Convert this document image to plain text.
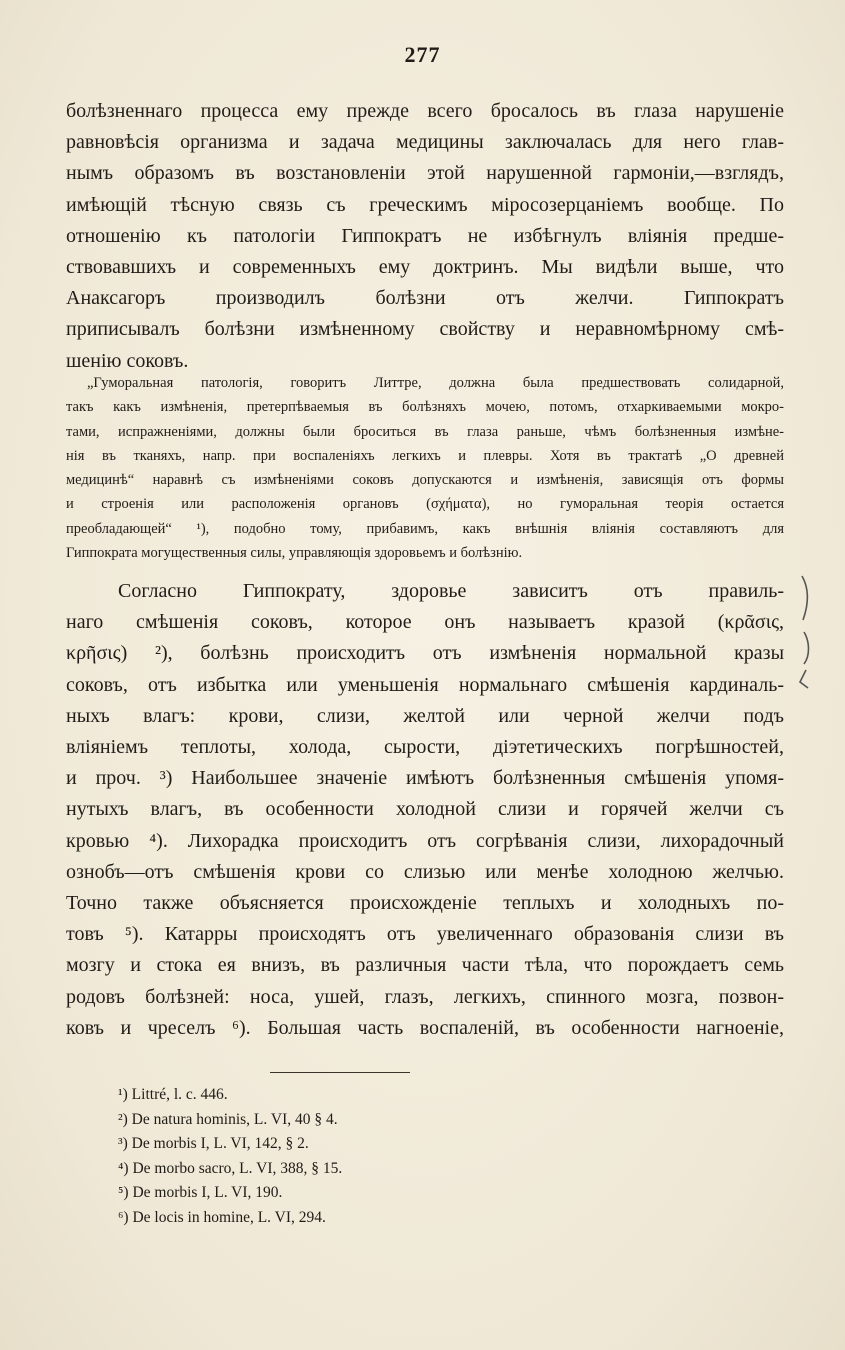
277

болѣзненнаго процесса ему прежде всего бросалось въ глаза нарушеніе
равновѣсія организма и задача медицины заключалась для него глав-
нымъ образомъ въ возстановленіи этой нарушенной гармоніи,—взглядъ,
имѣющій тѣсную связь съ греческимъ міросозерцаніемъ вообще. По
отношенію къ патологіи Гиппократъ не избѣгнулъ вліянія предше-
ствовавшихъ и современныхъ ему доктринъ. Мы видѣли выше, что
Анаксагоръ производилъ болѣзни отъ желчи. Гиппократъ
приписывалъ болѣзни измѣненному свойству и неравномѣрному смѣ-
шенію соковъ.

„Гуморальная патологія, говоритъ Литтре, должна была предшествовать солидарной,
такъ какъ измѣненія, претерпѣваемыя въ болѣзняхъ мочею, потомъ, отхаркиваемыми мокро-
тами, испражненіями, должны были броситься въ глаза раньше, чѣмъ болѣзненныя измѣне-
нія въ тканяхъ, напр. при воспаленіяхъ легкихъ и плевры. Хотя въ трактатѣ „О древней
медицинѣ“ наравнѣ съ измѣненіями соковъ допускаются и измѣненія, зависящія отъ формы
и строенія или расположенія органовъ (σχήματα), но гуморальная теорія остается
преобладающей“ ¹), подобно тому, прибавимъ, какъ внѣшнія вліянія составляютъ для
Гиппократа могущественныя силы, управляющія здоровьемъ и болѣзнію.

Согласно Гиппократу, здоровье зависитъ отъ правиль-
наго смѣшенія соковъ, которое онъ называетъ кразой (κρᾶσις,
κρῆσις) ²), болѣзнь происходитъ отъ измѣненія нормальной кразы
соковъ, отъ избытка или уменьшенія нормальнаго смѣшенія кардиналь-
ныхъ влагъ: крови, слизи, желтой или черной желчи подъ
вліяніемъ теплоты, холода, сырости, діэтетическихъ погрѣшностей,
и проч. ³) Наибольшее значеніе имѣютъ болѣзненныя смѣшенія упомя-
нутыхъ влагъ, въ особенности холодной слизи и горячей желчи съ
кровью ⁴). Лихорадка происходитъ отъ согрѣванія слизи, лихорадочный
ознобъ—отъ смѣшенія крови со слизью или менѣе холодною желчью.
Точно также объясняется происхожденіе теплыхъ и холодныхъ по-
товъ ⁵). Катарры происходятъ отъ увеличеннаго образованія слизи въ
мозгу и стока ея внизъ, въ различныя части тѣла, что порождаетъ семь
родовъ болѣзней: носа, ушей, глазъ, легкихъ, спинного мозга, позвон-
ковъ и чреселъ ⁶). Большая часть воспаленій, въ особенности нагноеніе,

¹) Littré, l. c. 446.
²) De natura hominis, L. VI, 40 § 4.
³) De morbis I, L. VI, 142, § 2.
⁴) De morbo sacro, L. VI, 388, § 15.
⁵) De morbis I, L. VI, 190.
⁶) De locis in homine, L. VI, 294.
